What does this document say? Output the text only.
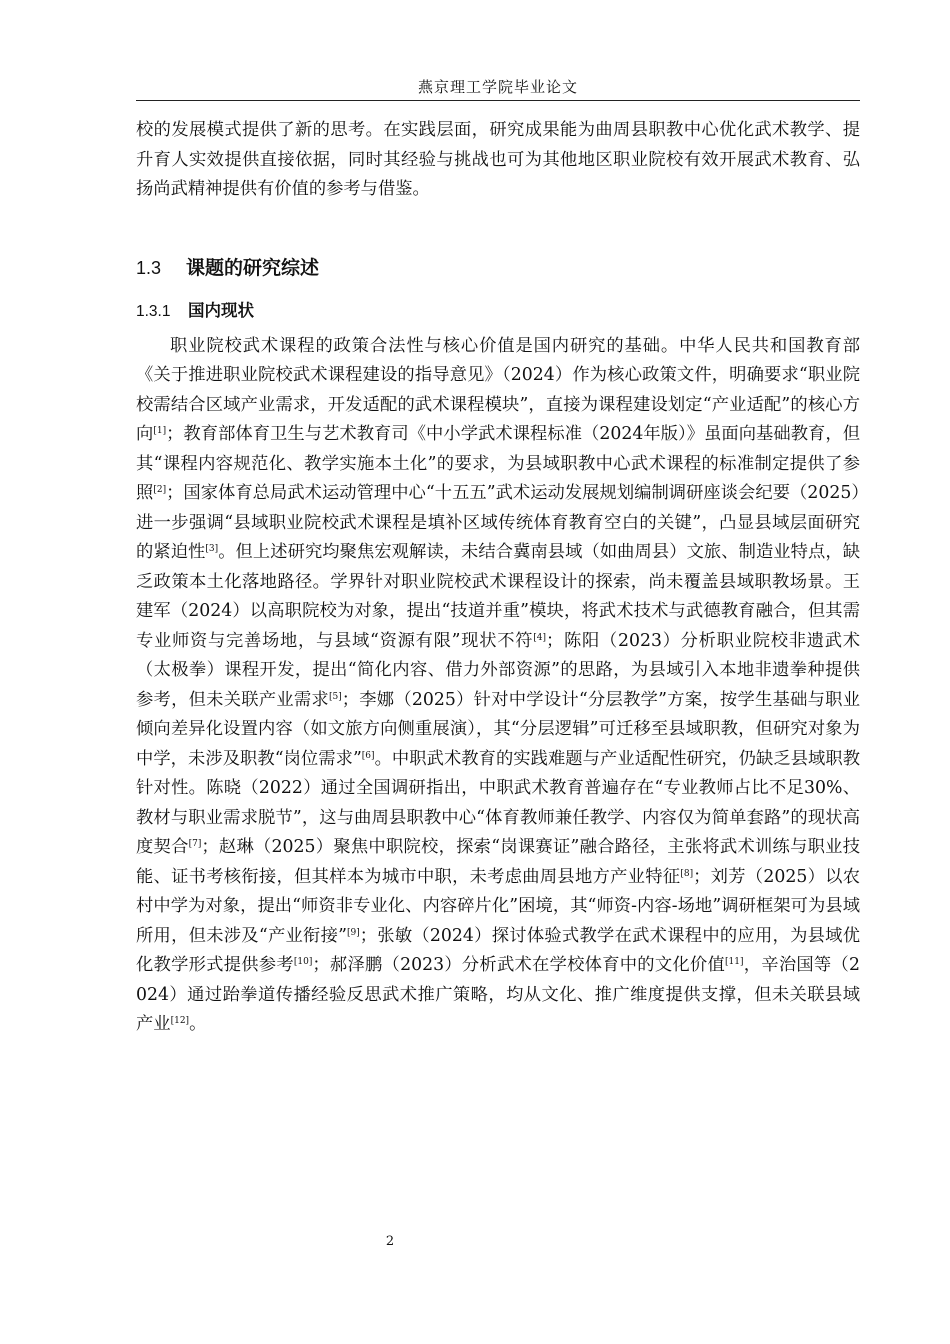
燕京理工学院毕业论文

校的发展模式提供了新的思考。在实践层面，研究成果能为曲周县职教中心优化武术教学、提升育人实效提供直接依据，同时其经验与挑战也可为其他地区职业院校有效开展武术教育、弘扬尚武精神提供有价值的参考与借鉴。

1.3 课题的研究综述
1.3.1 国内现状

职业院校武术课程的政策合法性与核心价值是国内研究的基础。中华人民共和国教育部《关于推进职业院校武术课程建设的指导意见》（2024）作为核心政策文件，明确要求“职业院校需结合区域产业需求，开发适配的武术课程模块”，直接为课程建设划定“产业适配”的核心方向[1]；教育部体育卫生与艺术教育司《中小学武术课程标准（2024年版）》虽面向基础教育，但其“课程内容规范化、教学实施本土化”的要求，为县域职教中心武术课程的标准制定提供了参照[2]；国家体育总局武术运动管理中心“十五五”武术运动发展规划编制调研座谈会纪要（2025）进一步强调“县域职业院校武术课程是填补区域传统体育教育空白的关键”，凸显县域层面研究的紧迫性[3]。但上述研究均聚焦宏观解读，未结合冀南县域（如曲周县）文旅、制造业特点，缺乏政策本土化落地路径。学界针对职业院校武术课程设计的探索，尚未覆盖县域职教场景。王建军（2024）以高职院校为对象，提出“技道并重”模块，将武术技术与武德教育融合，但其需专业师资与完善场地，与县域“资源有限”现状不符[4]；陈阳（2023）分析职业院校非遗武术（太极拳）课程开发，提出“简化内容、借力外部资源”的思路，为县域引入本地非遗拳种提供参考，但未关联产业需求[5]；李娜（2025）针对中学设计“分层教学”方案，按学生基础与职业倾向差异化设置内容（如文旅方向侧重展演），其“分层逻辑”可迁移至县域职教，但研究对象为中学，未涉及职教“岗位需求”[6]。中职武术教育的实践难题与产业适配性研究，仍缺乏县域职教针对性。陈晓（2022）通过全国调研指出，中职武术教育普遍存在“专业教师占比不足30%、教材与职业需求脱节”，这与曲周县职教中心“体育教师兼任教学、内容仅为简单套路”的现状高度契合[7]；赵琳（2025）聚焦中职院校，探索“岗课赛证”融合路径，主张将武术训练与职业技能、证书考核衔接，但其样本为城市中职，未考虑曲周县地方产业特征[8]；刘芳（2025）以农村中学为对象，提出“师资非专业化、内容碎片化”困境，其“师资-内容-场地”调研框架可为县域所用，但未涉及“产业衔接”[9]；张敏（2024）探讨体验式教学在武术课程中的应用，为县域优化教学形式提供参考[10]；郝泽鹏（2023）分析武术在学校体育中的文化价值[11]，辛治国等（2024）通过跆拳道传播经验反思武术推广策略，均从文化、推广维度提供支撑，但未关联县域产业[12]。

2
